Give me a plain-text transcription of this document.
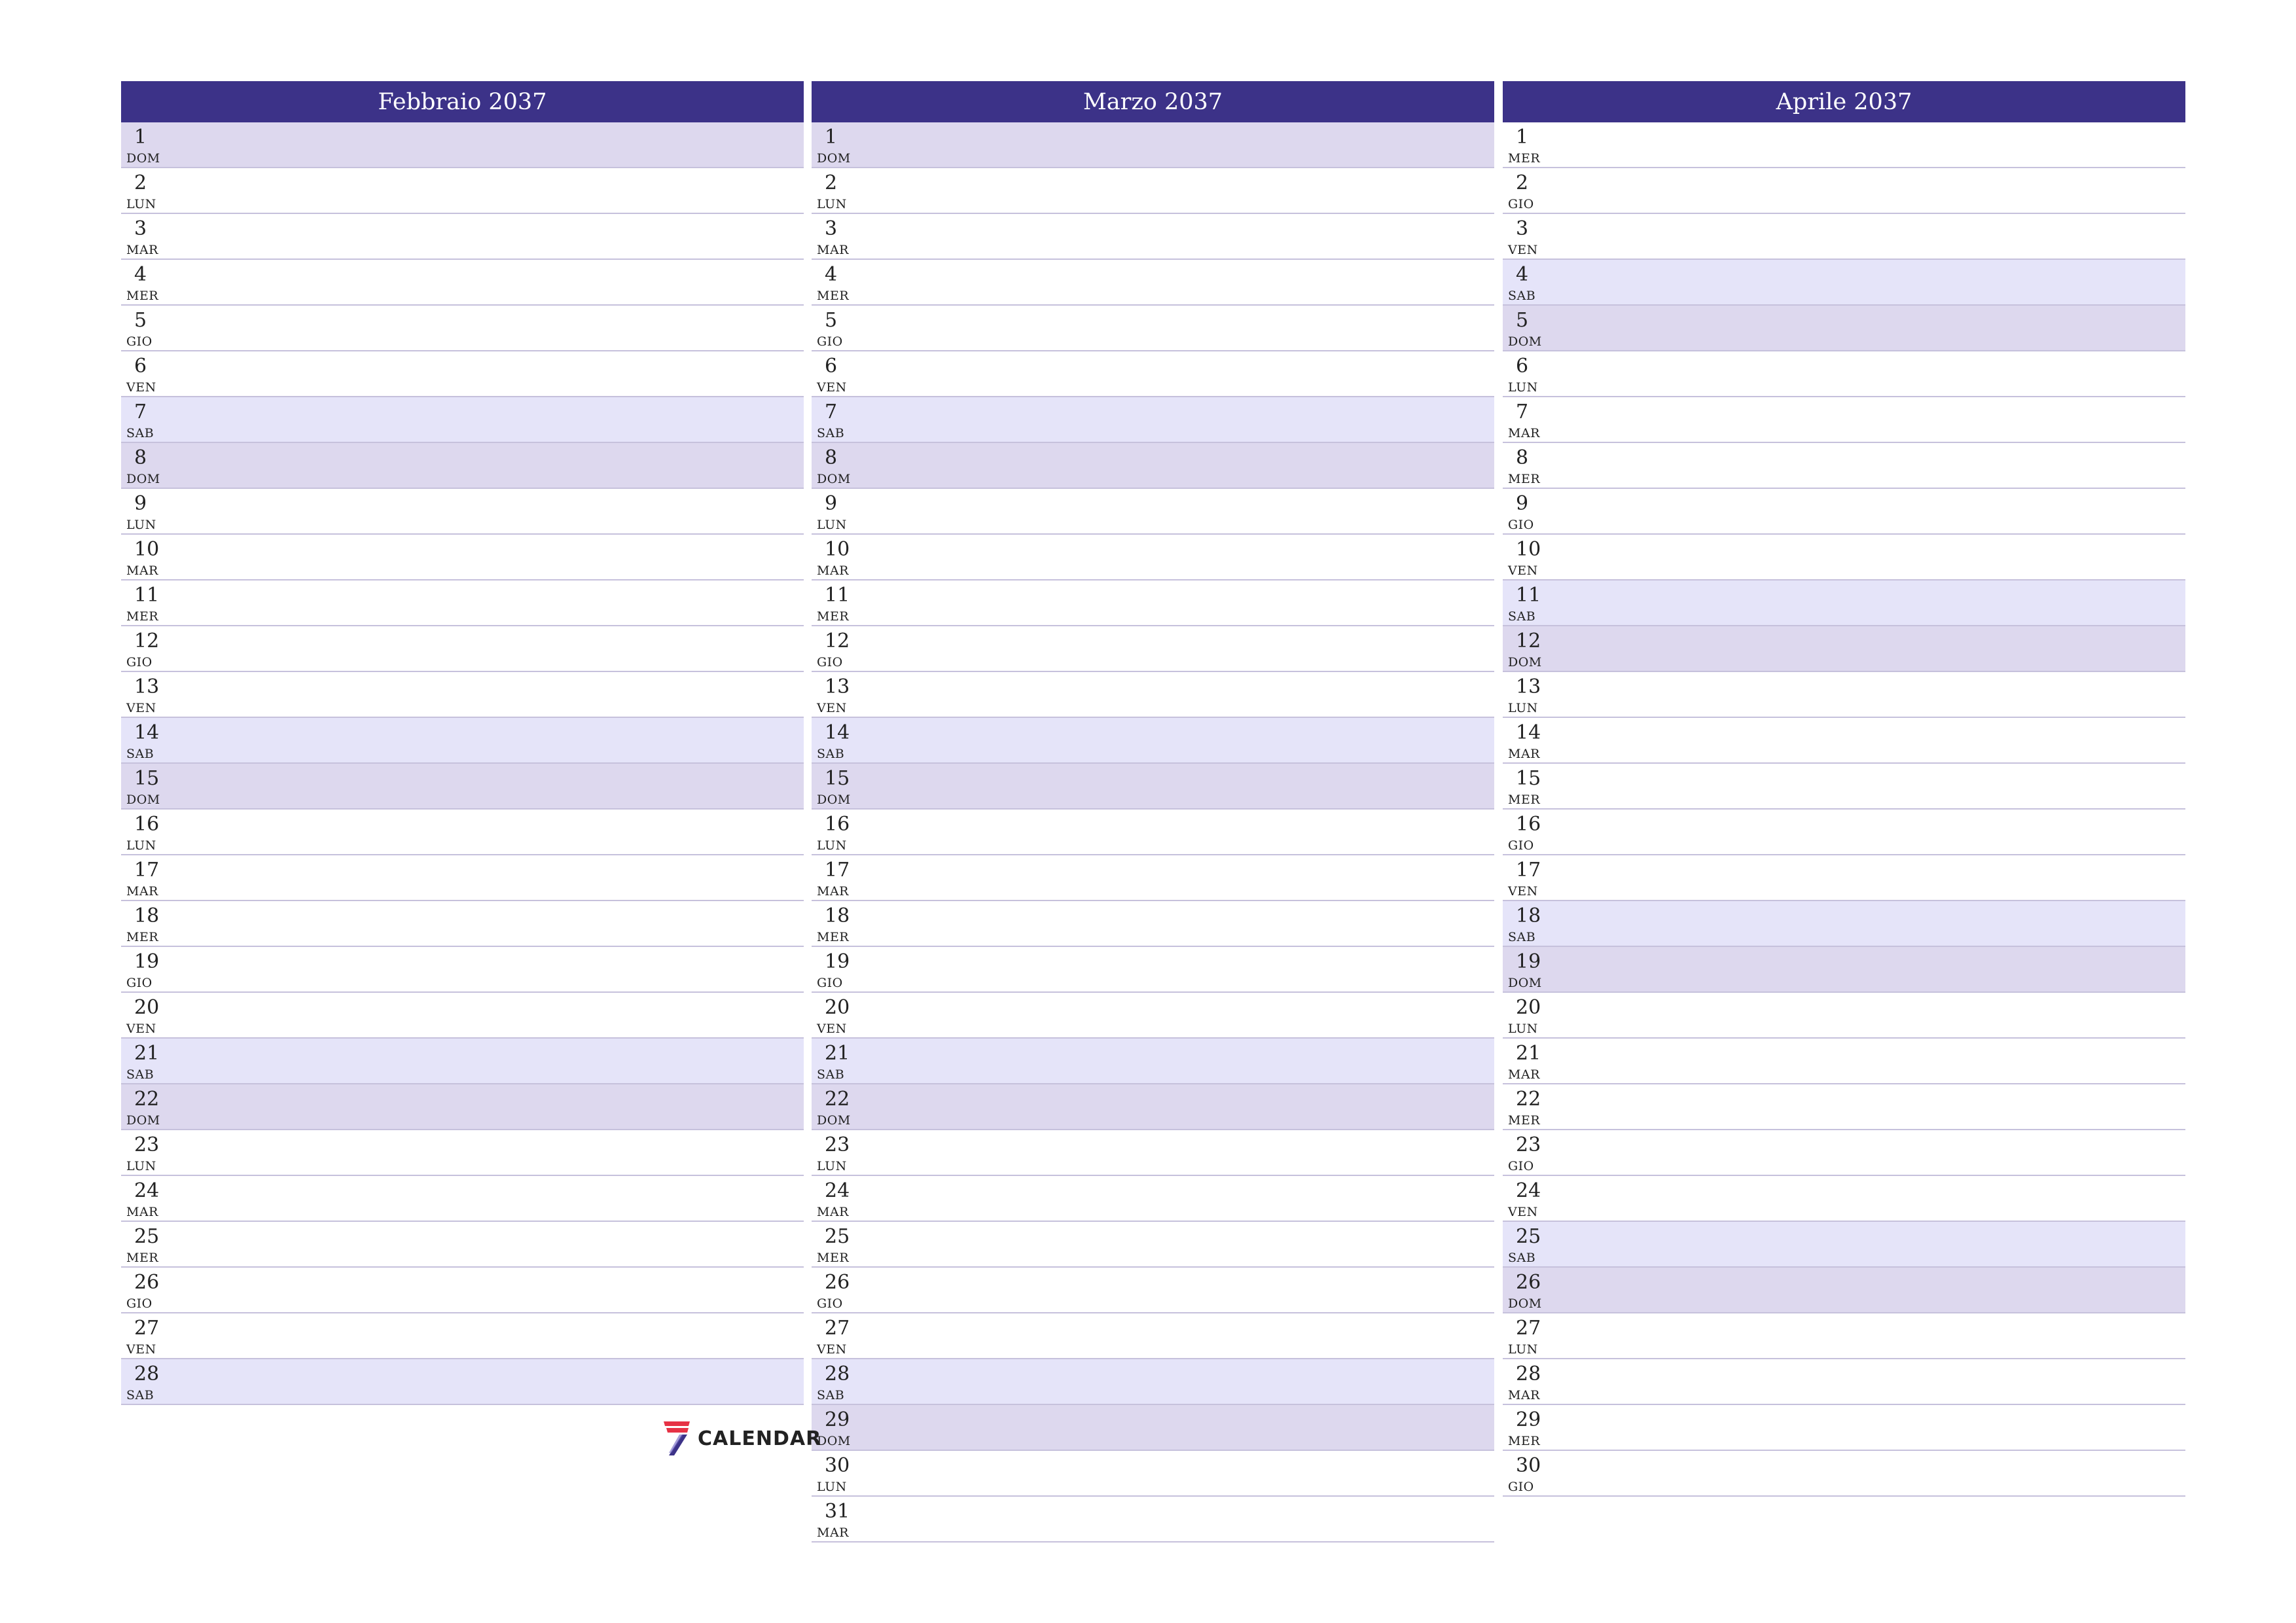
Febbraio 2037
1
DOM
2
LUN
3
MAR
4
MER
5
GIO
6
VEN
7
SAB
8
DOM
9
LUN
10
MAR
11
MER
12
GIO
13
VEN
14
SAB
15
DOM
16
LUN
17
MAR
18
MER
19
GIO
20
VEN
21
SAB
22
DOM
23
LUN
24
MAR
25
MER
26
GIO
27
VEN
28
SAB
Marzo 2037
1
DOM
2
LUN
3
MAR
4
MER
5
GIO
6
VEN
7
SAB
8
DOM
9
LUN
10
MAR
11
MER
12
GIO
13
VEN
14
SAB
15
DOM
16
LUN
17
MAR
18
MER
19
GIO
20
VEN
21
SAB
22
DOM
23
LUN
24
MAR
25
MER
26
GIO
27
VEN
28
SAB
29
DOM
30
LUN
31
MAR
Aprile 2037
1
MER
2
GIO
3
VEN
4
SAB
5
DOM
6
LUN
7
MAR
8
MER
9
GIO
10
VEN
11
SAB
12
DOM
13
LUN
14
MAR
15
MER
16
GIO
17
VEN
18
SAB
19
DOM
20
LUN
21
MAR
22
MER
23
GIO
24
VEN
25
SAB
26
DOM
27
LUN
28
MAR
29
MER
30
GIO
CALENDAR
